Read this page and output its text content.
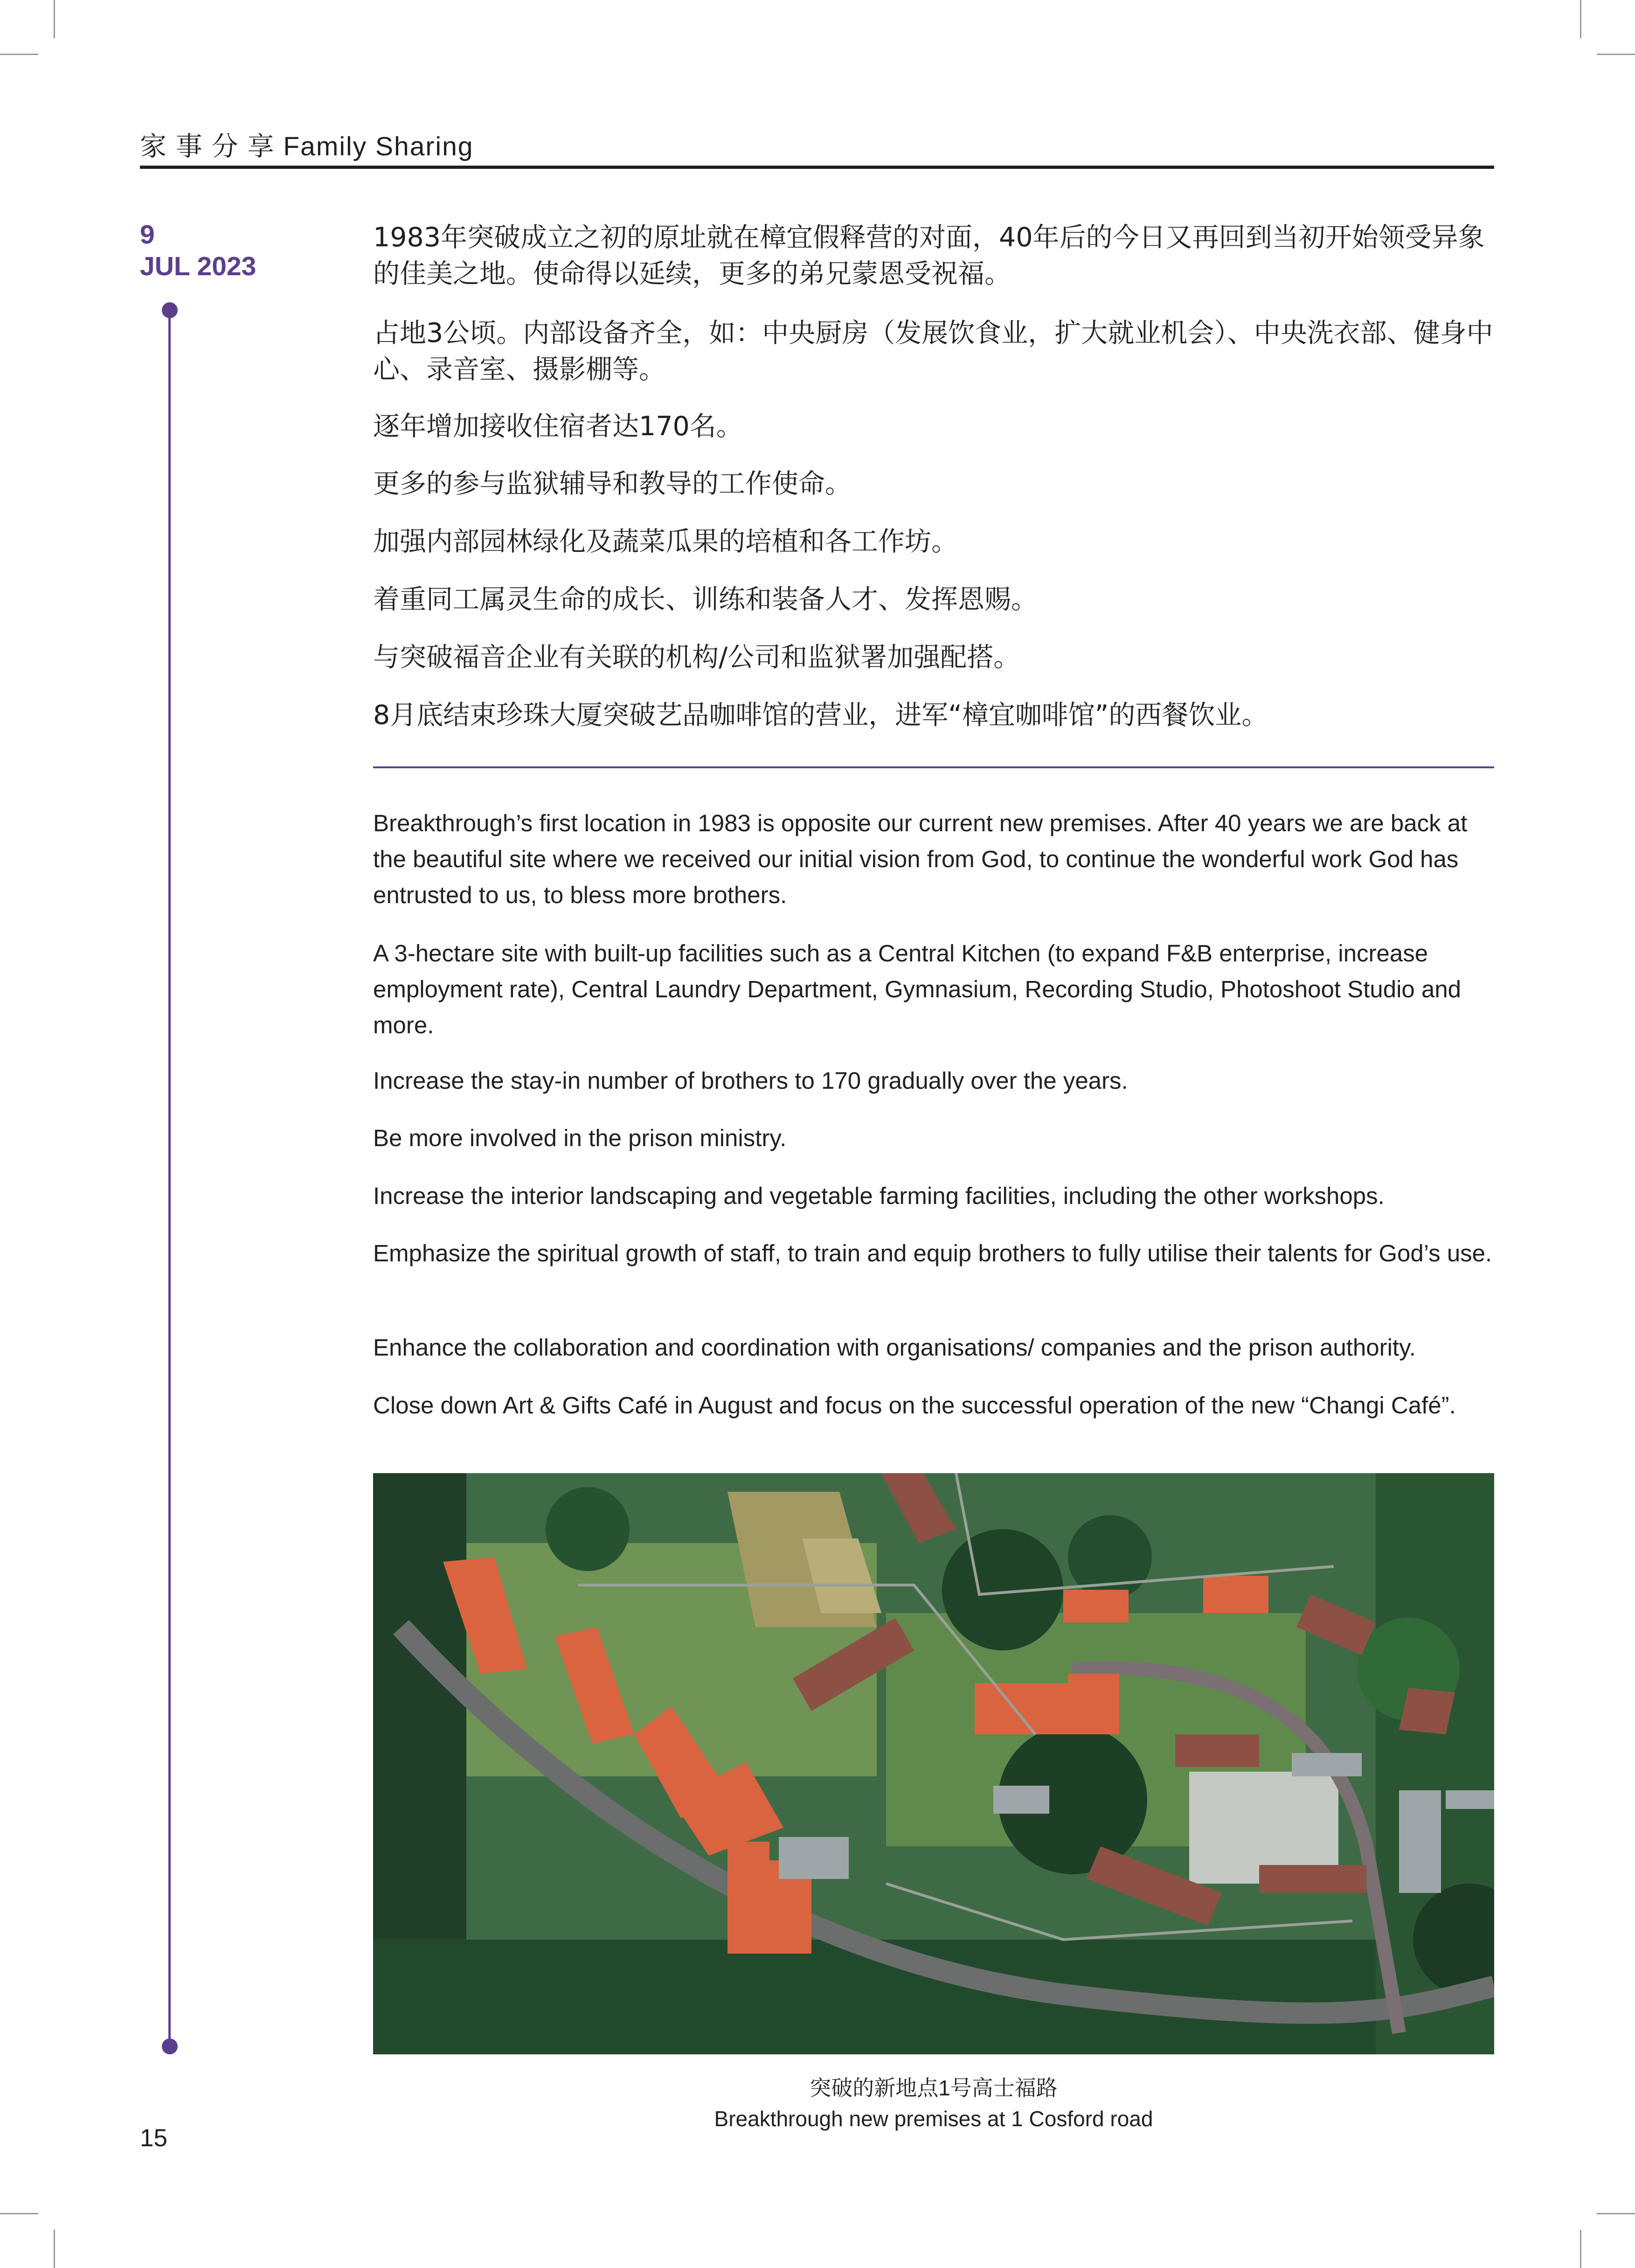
家 事 分 享 Family Sharing
9
JUL 2023
1983年突破成立之初的原址就在樟宜假释营的对面，40年后的今日又再回到当初开始领受异象的佳美之地。使命得以延续，更多的弟兄蒙恩受祝福。
占地3公顷。内部设备齐全，如：中央厨房（发展饮食业，扩大就业机会）、中央洗衣部、健身中心、录音室、摄影棚等。
逐年增加接收住宿者达170名。
更多的参与监狱辅导和教导的工作使命。
加强内部园林绿化及蔬菜瓜果的培植和各工作坊。
着重同工属灵生命的成长、训练和装备人才、发挥恩赐。
与突破福音企业有关联的机构/公司和监狱署加强配搭。
8月底结束珍珠大厦突破艺品咖啡馆的营业，进军“樟宜咖啡馆”的西餐饮业。
Breakthrough’s first location in 1983 is opposite our current new premises. After 40 years we are back at the beautiful site where we received our initial vision from God, to continue the wonderful work God has entrusted to us, to bless more brothers.
A 3-hectare site with built-up facilities such as a Central Kitchen (to expand F&B enterprise, increase employment rate), Central Laundry Department, Gymnasium, Recording Studio, Photoshoot Studio and more.
Increase the stay-in number of brothers to 170 gradually over the years.
Be more involved in the prison ministry.
Increase the interior landscaping and vegetable farming facilities, including the other workshops.
Emphasize the spiritual growth of staff, to train and equip brothers to fully utilise their talents for God’s use.
Enhance the collaboration and coordination with organisations/ companies and the prison authority.
Close down Art & Gifts Café in August and focus on the successful operation of the new “Changi Café”.
突破的新地点1号高士福路
Breakthrough new premises at 1 Cosford road
15
